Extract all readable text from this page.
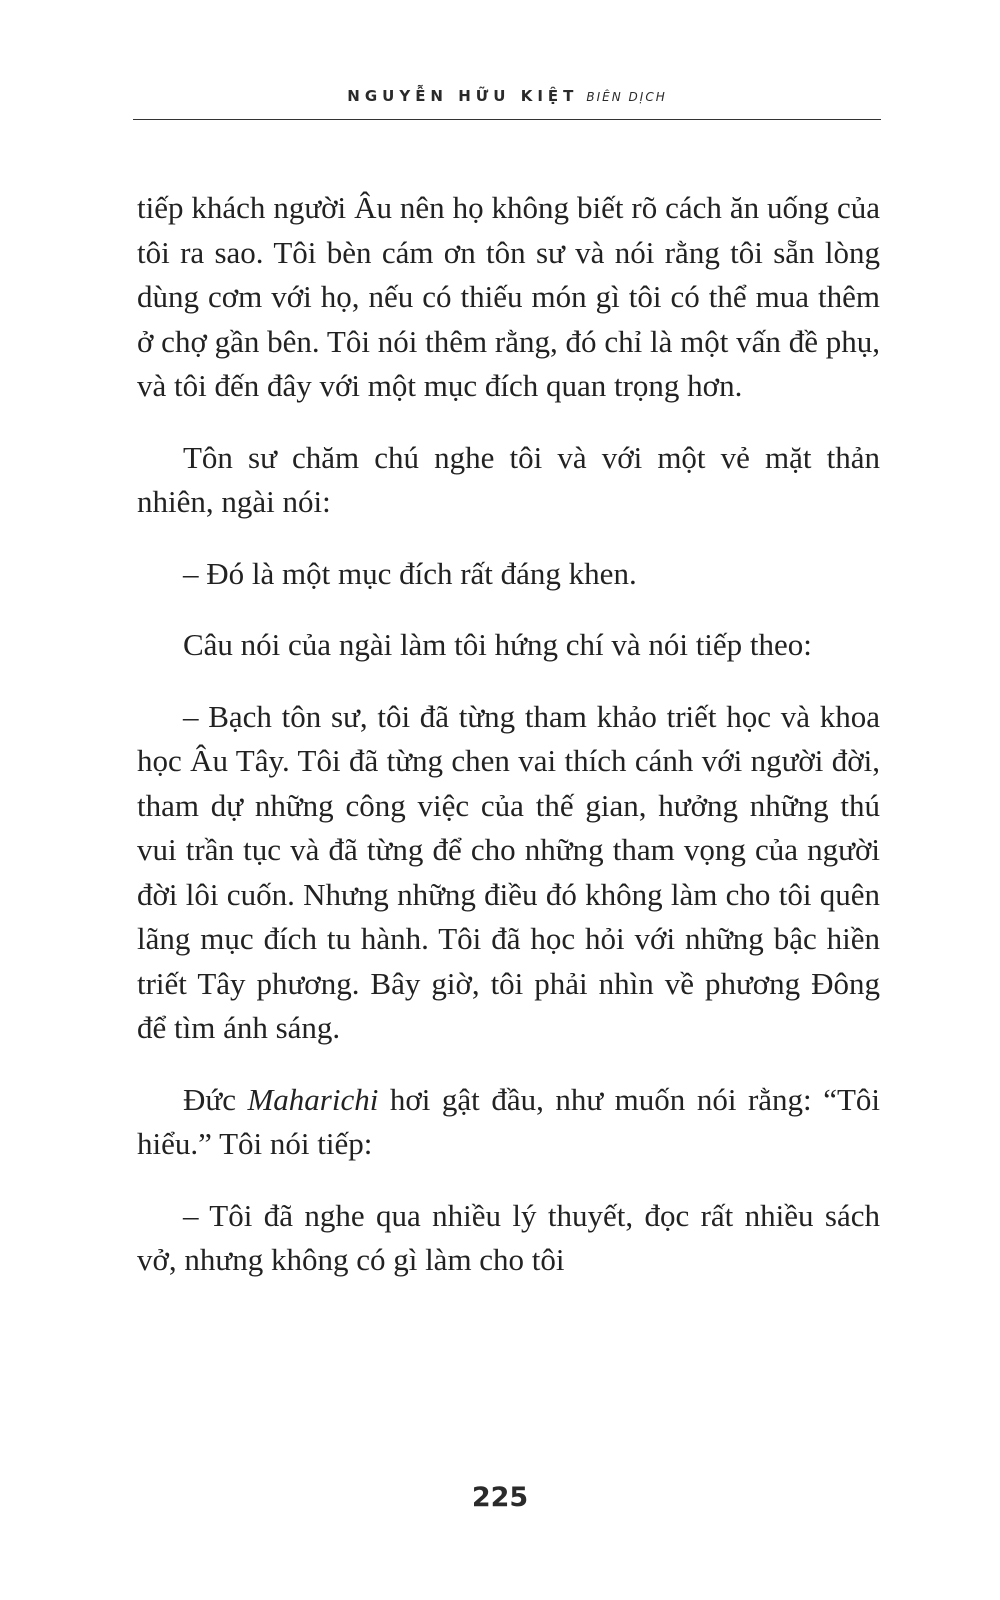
NGUYỄN HỮU KIỆT BIÊN DỊCH

tiếp khách người Âu nên họ không biết rõ cách ăn uống của tôi ra sao. Tôi bèn cám ơn tôn sư và nói rằng tôi sẵn lòng dùng cơm với họ, nếu có thiếu món gì tôi có thể mua thêm ở chợ gần bên. Tôi nói thêm rằng, đó chỉ là một vấn đề phụ, và tôi đến đây với một mục đích quan trọng hơn.

Tôn sư chăm chú nghe tôi và với một vẻ mặt thản nhiên, ngài nói:

– Đó là một mục đích rất đáng khen.

Câu nói của ngài làm tôi hứng chí và nói tiếp theo:

– Bạch tôn sư, tôi đã từng tham khảo triết học và khoa học Âu Tây. Tôi đã từng chen vai thích cánh với người đời, tham dự những công việc của thế gian, hưởng những thú vui trần tục và đã từng để cho những tham vọng của người đời lôi cuốn. Nhưng những điều đó không làm cho tôi quên lãng mục đích tu hành. Tôi đã học hỏi với những bậc hiền triết Tây phương. Bây giờ, tôi phải nhìn về phương Đông để tìm ánh sáng.

Đức Maharichi hơi gật đầu, như muốn nói rằng: “Tôi hiểu.” Tôi nói tiếp:

– Tôi đã nghe qua nhiều lý thuyết, đọc rất nhiều sách vở, nhưng không có gì làm cho tôi

225
